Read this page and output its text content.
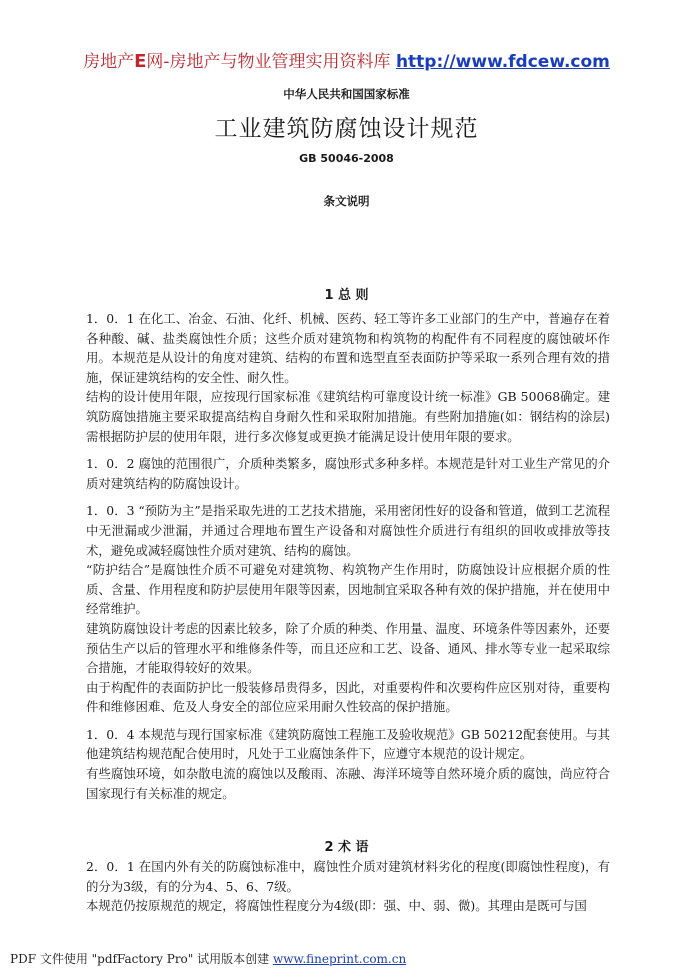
房地产E网-房地产与物业管理实用资料库 http://www.fdcew.com
中华人民共和国国家标准
工业建筑防腐蚀设计规范
GB 50046-2008
条文说明
1 总 则

1．0．1 在化工、冶金、石油、化纤、机械、医药、轻工等许多工业部门的生产中，普遍存在着各种酸、碱、盐类腐蚀性介质；这些介质对建筑物和构筑物的构配件有不同程度的腐蚀破坏作用。本规范是从设计的角度对建筑、结构的布置和选型直至表面防护等采取一系列合理有效的措施，保证建筑结构的安全性、耐久性。

结构的设计使用年限，应按现行国家标准《建筑结构可靠度设计统一标准》GB 50068确定。建筑防腐蚀措施主要采取提高结构自身耐久性和采取附加措施。有些附加措施(如：钢结构的涂层)需根据防护层的使用年限，进行多次修复或更换才能满足设计使用年限的要求。

1．0．2 腐蚀的范围很广，介质种类繁多，腐蚀形式多种多样。本规范是针对工业生产常见的介质对建筑结构的防腐蚀设计。

1．0．3 “预防为主”是指采取先进的工艺技术措施，采用密闭性好的设备和管道，做到工艺流程中无泄漏或少泄漏，并通过合理地布置生产设备和对腐蚀性介质进行有组织的回收或排放等技术，避免或减轻腐蚀性介质对建筑、结构的腐蚀。

“防护结合”是腐蚀性介质不可避免对建筑物、构筑物产生作用时，防腐蚀设计应根据介质的性质、含量、作用程度和防护层使用年限等因素，因地制宜采取各种有效的保护措施，并在使用中经常维护。

建筑防腐蚀设计考虑的因素比较多，除了介质的种类、作用量、温度、环境条件等因素外，还要预估生产以后的管理水平和维修条件等，而且还应和工艺、设备、通风、排水等专业一起采取综合措施，才能取得较好的效果。

由于构配件的表面防护比一般装修昂贵得多，因此，对重要构件和次要构件应区别对待，重要构件和维修困难、危及人身安全的部位应采用耐久性较高的保护措施。

1．0．4 本规范与现行国家标准《建筑防腐蚀工程施工及验收规范》GB 50212配套使用。与其他建筑结构规范配合使用时，凡处于工业腐蚀条件下，应遵守本规范的设计规定。

有些腐蚀环境，如杂散电流的腐蚀以及酸雨、冻融、海洋环境等自然环境介质的腐蚀，尚应符合国家现行有关标准的规定。

2 术 语

2．0．1 在国内外有关的防腐蚀标准中，腐蚀性介质对建筑材料劣化的程度(即腐蚀性程度)，有的分为3级，有的分为4、5、6、7级。

本规范仍按原规范的规定，将腐蚀性程度分为4级(即：强、中、弱、微)。其理由是既可与国

PDF 文件使用 "pdfFactory Pro" 试用版本创建 www.fineprint.com.cn
